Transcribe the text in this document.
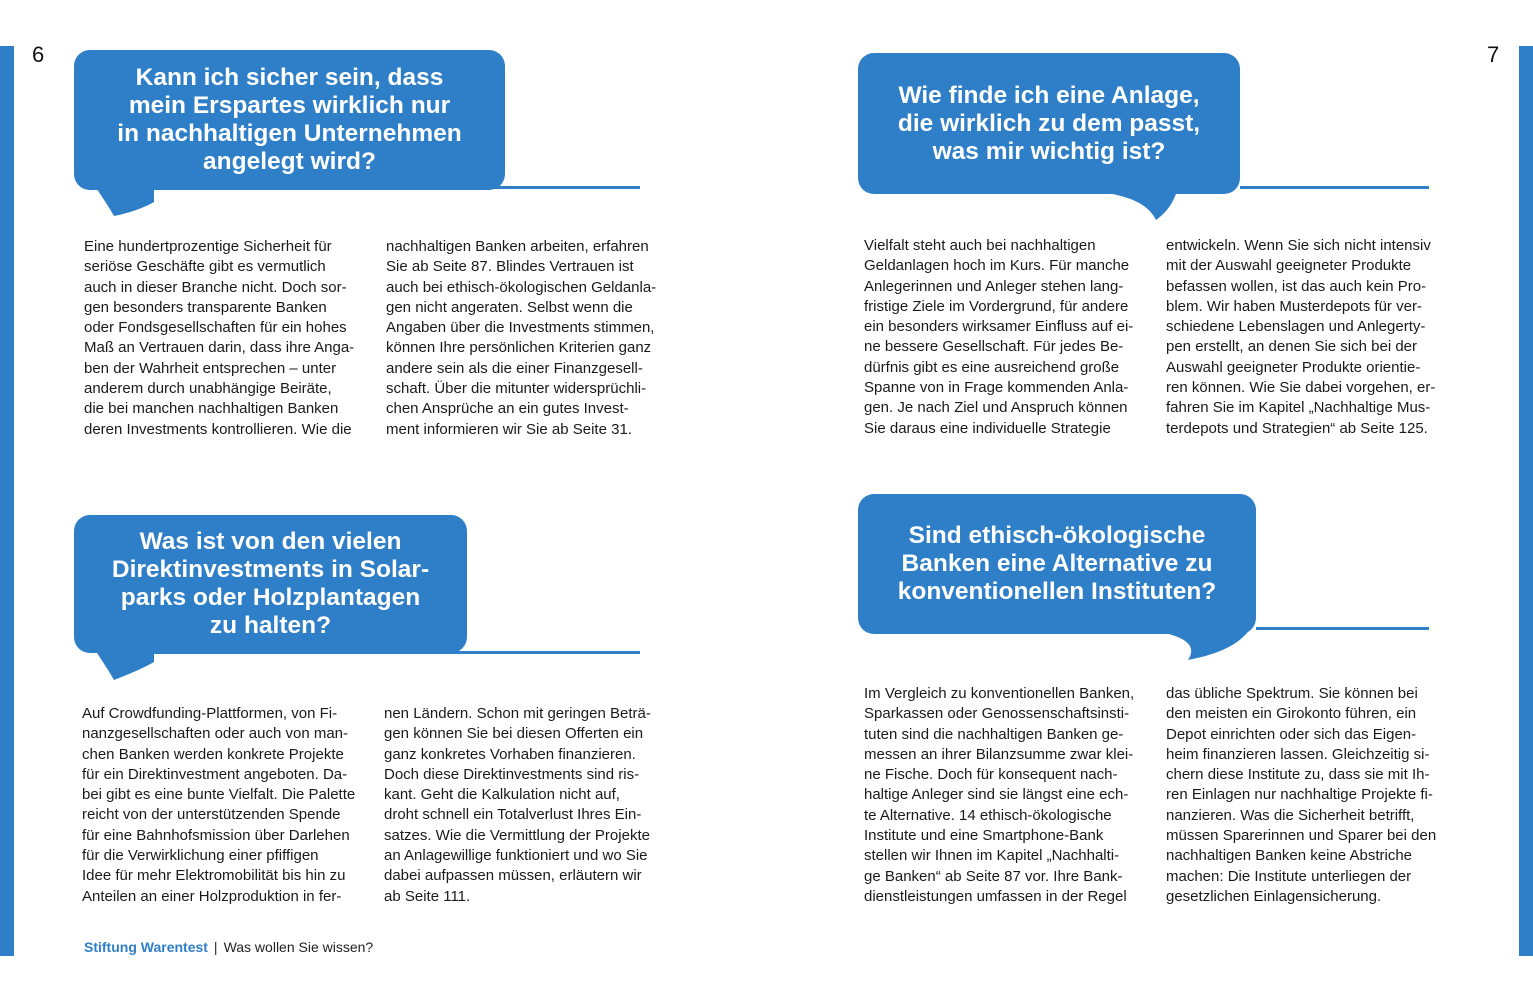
6	7
Kann ich sicher sein, dass
mein Erspartes wirklich nur
in nachhaltigen Unternehmen
angelegt wird?
Eine hundertprozentige Sicherheit für
seriöse Geschäfte gibt es vermutlich
auch in dieser Branche nicht. Doch sor-
gen besonders transparente Banken
oder Fondsgesellschaften für ein hohes
Maß an Vertrauen darin, dass ihre Anga-
ben der Wahrheit entsprechen – unter
anderem durch unabhängige Beiräte,
die bei manchen nachhaltigen Banken
deren Investments kontrollieren. Wie die
nachhaltigen Banken arbeiten, erfahren
Sie ab Seite 87. Blindes Vertrauen ist
auch bei ethisch-ökologischen Geldanla-
gen nicht angeraten. Selbst wenn die
Angaben über die Investments stimmen,
können Ihre persönlichen Kriterien ganz
andere sein als die einer Finanzgesell-
schaft. Über die mitunter widersprüchli-
chen Ansprüche an ein gutes Invest-
ment informieren wir Sie ab Seite 31.
Wie finde ich eine Anlage,
die wirklich zu dem passt,
was mir wichtig ist?
Vielfalt steht auch bei nachhaltigen
Geldanlagen hoch im Kurs. Für manche
Anlegerinnen und Anleger stehen lang-
fristige Ziele im Vordergrund, für andere
ein besonders wirksamer Einfluss auf ei-
ne bessere Gesellschaft. Für jedes Be-
dürfnis gibt es eine ausreichend große
Spanne von in Frage kommenden Anla-
gen. Je nach Ziel und Anspruch können
Sie daraus eine individuelle Strategie
entwickeln. Wenn Sie sich nicht intensiv
mit der Auswahl geeigneter Produkte
befassen wollen, ist das auch kein Pro-
blem. Wir haben Musterdepots für ver-
schiedene Lebenslagen und Anlegerty-
pen erstellt, an denen Sie sich bei der
Auswahl geeigneter Produkte orientie-
ren können. Wie Sie dabei vorgehen, er-
fahren Sie im Kapitel „Nachhaltige Mus-
terdepots und Strategien“ ab Seite 125.
Was ist von den vielen
Direktinvestments in Solar-
parks oder Holzplantagen
zu halten?
Auf Crowdfunding-Plattformen, von Fi-
nanzgesellschaften oder auch von man-
chen Banken werden konkrete Projekte
für ein Direktinvestment angeboten. Da-
bei gibt es eine bunte Vielfalt. Die Palette
reicht von der unterstützenden Spende
für eine Bahnhofsmission über Darlehen
für die Verwirklichung einer pfiffigen
Idee für mehr Elektromobilität bis hin zu
Anteilen an einer Holzproduktion in fer-
nen Ländern. Schon mit geringen Beträ-
gen können Sie bei diesen Offerten ein
ganz konkretes Vorhaben finanzieren.
Doch diese Direktinvestments sind ris-
kant. Geht die Kalkulation nicht auf,
droht schnell ein Totalverlust Ihres Ein-
satzes. Wie die Vermittlung der Projekte
an Anlagewillige funktioniert und wo Sie
dabei aufpassen müssen, erläutern wir
ab Seite 111.
Sind ethisch-ökologische
Banken eine Alternative zu
konventionellen Instituten?
Im Vergleich zu konventionellen Banken,
Sparkassen oder Genossenschaftsinsti-
tuten sind die nachhaltigen Banken ge-
messen an ihrer Bilanzsumme zwar klei-
ne Fische. Doch für konsequent nach-
haltige Anleger sind sie längst eine ech-
te Alternative. 14 ethisch-ökologische
Institute und eine Smartphone-Bank
stellen wir Ihnen im Kapitel „Nachhalti-
ge Banken“ ab Seite 87 vor. Ihre Bank-
dienstleistungen umfassen in der Regel
das übliche Spektrum. Sie können bei
den meisten ein Girokonto führen, ein
Depot einrichten oder sich das Eigen-
heim finanzieren lassen. Gleichzeitig si-
chern diese Institute zu, dass sie mit Ih-
ren Einlagen nur nachhaltige Projekte fi-
nanzieren. Was die Sicherheit betrifft,
müssen Sparerinnen und Sparer bei den
nachhaltigen Banken keine Abstriche
machen: Die Institute unterliegen der
gesetzlichen Einlagensicherung.
Stiftung Warentest | Was wollen Sie wissen?
